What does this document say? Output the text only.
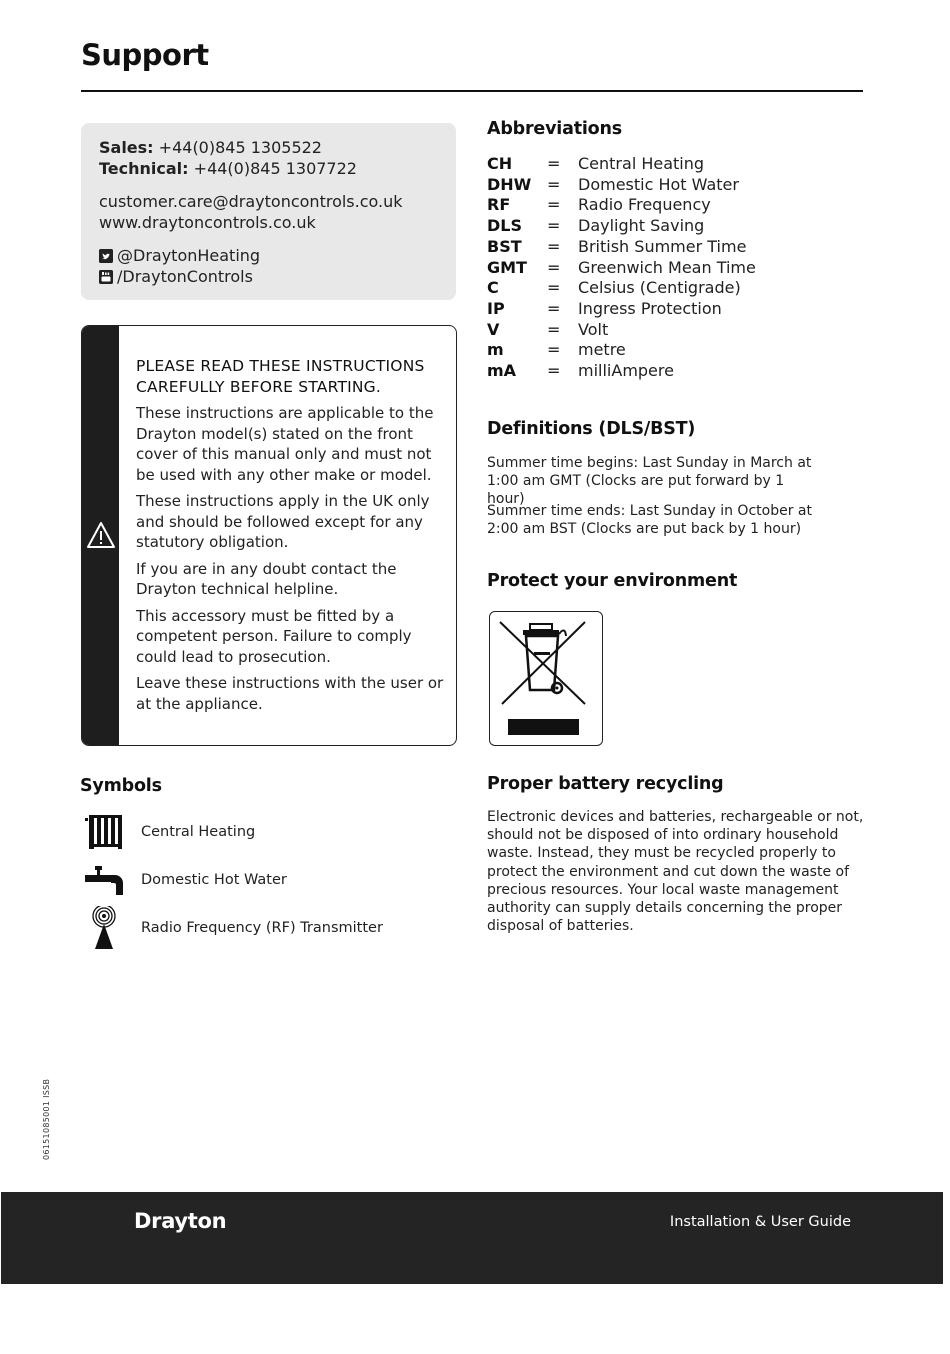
Support
Sales: +44(0)845 1305522
Technical: +44(0)845 1307722
customer.care@draytoncontrols.co.uk
www.draytoncontrols.co.uk
@DraytonHeating
/DraytonControls
PLEASE READ THESE INSTRUCTIONS
CAREFULLY BEFORE STARTING.

These instructions are applicable to the Drayton model(s) stated on the front cover of this manual only and must not be used with any other make or model.

These instructions apply in the UK only and should be followed except for any statutory obligation.

If you are in any doubt contact the Drayton technical helpline.

This accessory must be fitted by a competent person. Failure to comply could lead to prosecution.

Leave these instructions with the user or at the appliance.

Symbols
Central Heating
Domestic Hot Water
Radio Frequency (RF) Transmitter
Abbreviations
CH	=	Central Heating
DHW =	Domestic Hot Water
RF	=	Radio Frequency
DLS	=	Daylight Saving
BST	=	British Summer Time
GMT	=	Greenwich Mean Time
C	=	Celsius (Centigrade)
IP	=	Ingress Protection
V	=	Volt
m	=	metre
mA	=	milliAmpere
Definitions (DLS/BST)
Summer time begins: Last Sunday in March at 1:00 am GMT (Clocks are put forward by 1 hour)
Summer time ends: Last Sunday in October at 2:00 am BST (Clocks are put back by 1 hour)
Protect your environment
Proper battery recycling
Electronic devices and batteries, rechargeable or not, should not be disposed of into ordinary household waste. Instead, they must be recycled properly to protect the environment and cut down the waste of precious resources. Your local waste management authority can supply details concerning the proper disposal of batteries.
06151085001 ISSB
Drayton	Installation & User Guide
